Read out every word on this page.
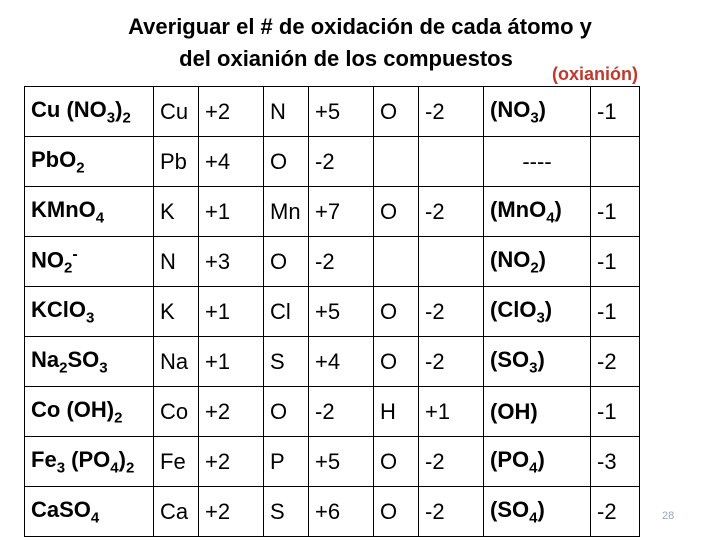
Averiguar el # de oxidación de cada átomo y
del oxianión de los compuestos
(oxianión)
Cu $(NO_3)_2$	Cu	+2	N	+5	O	-2	$(NO_3)$	-1
PbO$_2$	Pb	+4	O	-2			----	
KMnO$_4$	K	+1	Mn	+7	O	-2	(MnO$_4$)	-1
$NO_2^-$	N	+3	O	-2			$(NO_2)$	-1
KClO$_3$	K	+1	Cl	+5	O	-2	(ClO$_3$)	-1
$Na_2SO_3$	Na	+1	S	+4	O	-2	$(SO_3)$	-2
Co $(OH)_2$	Co	+2	O	-2	H	+1	(OH)	-1
$Fe_3$ $(PO_4)_2$	Fe	+2	P	+5	O	-2	$(PO_4)$	-3
CaSO$_4$	Ca	+2	S	+6	O	-2	$(SO_4)$	-2	28
